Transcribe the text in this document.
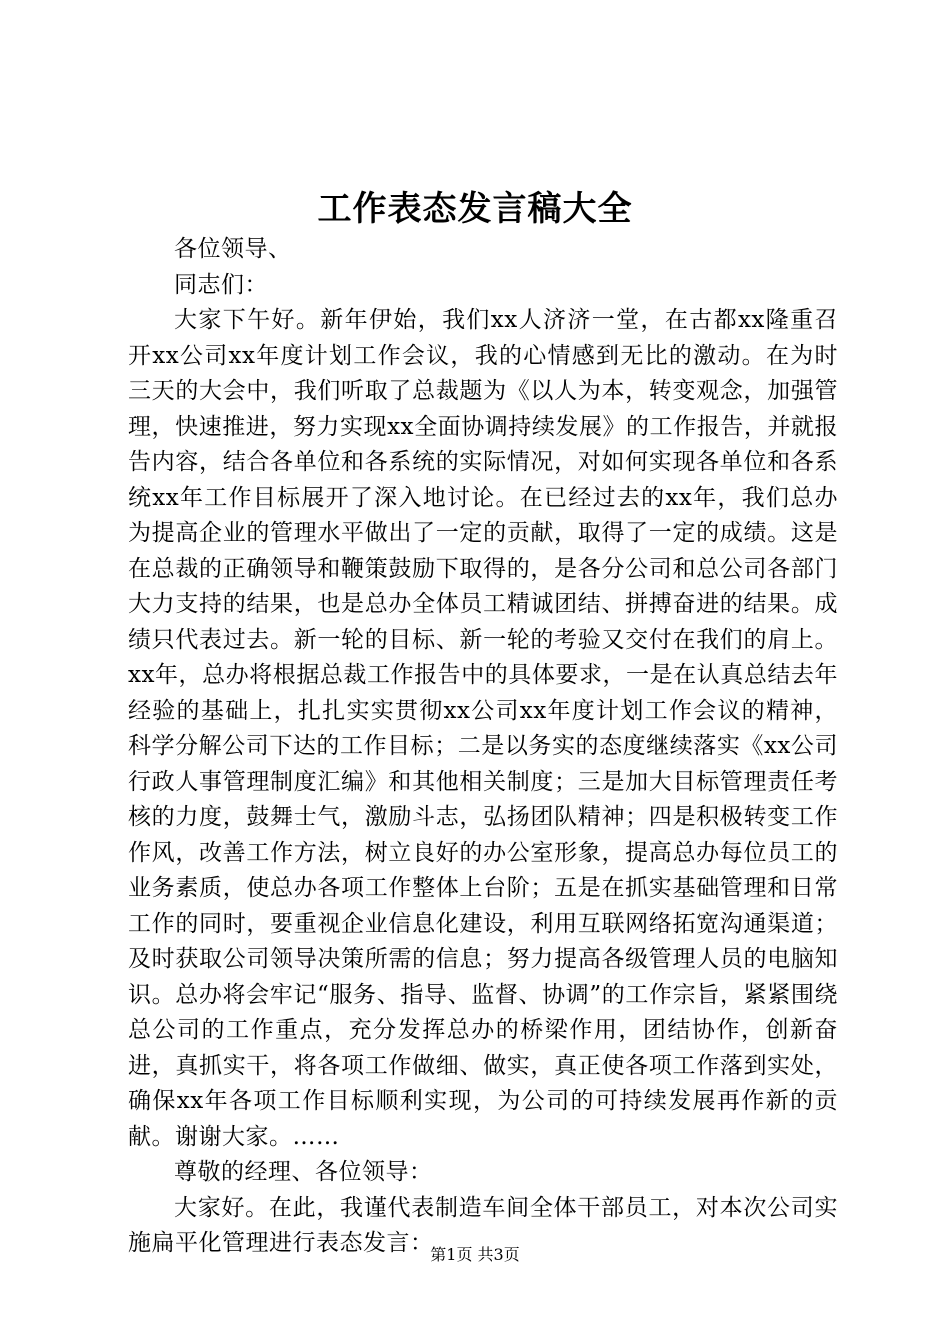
工作表态发言稿大全

各位领导、

同志们：

大家下午好。新年伊始，我们xx人济济一堂，在古都xx隆重召开xx公司xx年度计划工作会议，我的心情感到无比的激动。在为时三天的大会中，我们听取了总裁题为《以人为本，转变观念，加强管理，快速推进，努力实现xx全面协调持续发展》的工作报告，并就报告内容，结合各单位和各系统的实际情况，对如何实现各单位和各系统xx年工作目标展开了深入地讨论。在已经过去的xx年，我们总办为提高企业的管理水平做出了一定的贡献，取得了一定的成绩。这是在总裁的正确领导和鞭策鼓励下取得的，是各分公司和总公司各部门大力支持的结果，也是总办全体员工精诚团结、拼搏奋进的结果。成绩只代表过去。新一轮的目标、新一轮的考验又交付在我们的肩上。xx年，总办将根据总裁工作报告中的具体要求，一是在认真总结去年经验的基础上，扎扎实实贯彻xx公司xx年度计划工作会议的精神，科学分解公司下达的工作目标；二是以务实的态度继续落实《xx公司行政人事管理制度汇编》和其他相关制度；三是加大目标管理责任考核的力度，鼓舞士气，激励斗志，弘扬团队精神；四是积极转变工作作风，改善工作方法，树立良好的办公室形象，提高总办每位员工的业务素质，使总办各项工作整体上台阶；五是在抓实基础管理和日常工作的同时，要重视企业信息化建设，利用互联网络拓宽沟通渠道；及时获取公司领导决策所需的信息；努力提高各级管理人员的电脑知识。总办将会牢记“服务、指导、监督、协调”的工作宗旨，紧紧围绕总公司的工作重点，充分发挥总办的桥梁作用，团结协作，创新奋进，真抓实干，将各项工作做细、做实，真正使各项工作落到实处，确保xx年各项工作目标顺利实现，为公司的可持续发展再作新的贡献。谢谢大家。……

尊敬的经理、各位领导：

大家好。在此，我谨代表制造车间全体干部员工，对本次公司实施扁平化管理进行表态发言：

第1页 共3页
